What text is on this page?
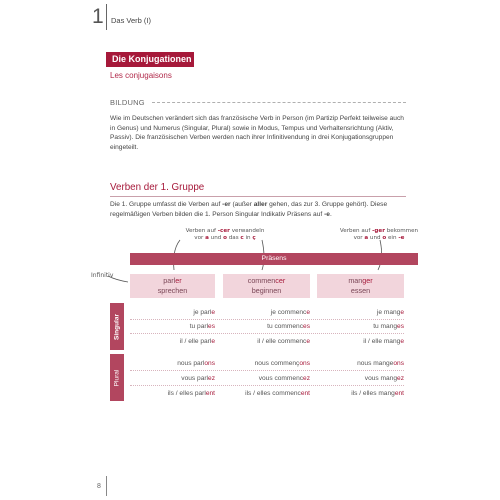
1 Das Verb (I)
Die Konjugationen
Les conjugaisons
BILDUNG
Wie im Deutschen verändert sich das französische Verb in Person (im Partizip Perfekt teilweise auch in Genus) und Numerus (Singular, Plural) sowie in Modus, Tempus und Verhaltensrichtung (Aktiv, Passiv). Die französischen Verben werden nach ihrer Infinitivendung in drei Konjugationsgruppen eingeteilt.
Verben der 1. Gruppe
Die 1. Gruppe umfasst die Verben auf -er (außer aller gehen, das zur 3. Gruppe gehört). Diese regelmäßigen Verben bilden die 1. Person Singular Indikativ Präsens auf -e.
Verben auf -cer verwandeln
vor a und o das c in ç
Verben auf -ger bekommen
vor a und o ein -e
Präsens
Infinitiv
parler
sprechen
commencer
beginnen
manger
essen
Singular
Plural
je parle	je commence	je mange
tu parles	tu commences	tu manges
il / elle parle	il / elle commence	il / elle mange
nous parlons	nous commençons	nous mangeons
vous parlez	vous commencez	vous mangez
ils / elles parlent	ils / elles commencent	ils / elles mangent
8
